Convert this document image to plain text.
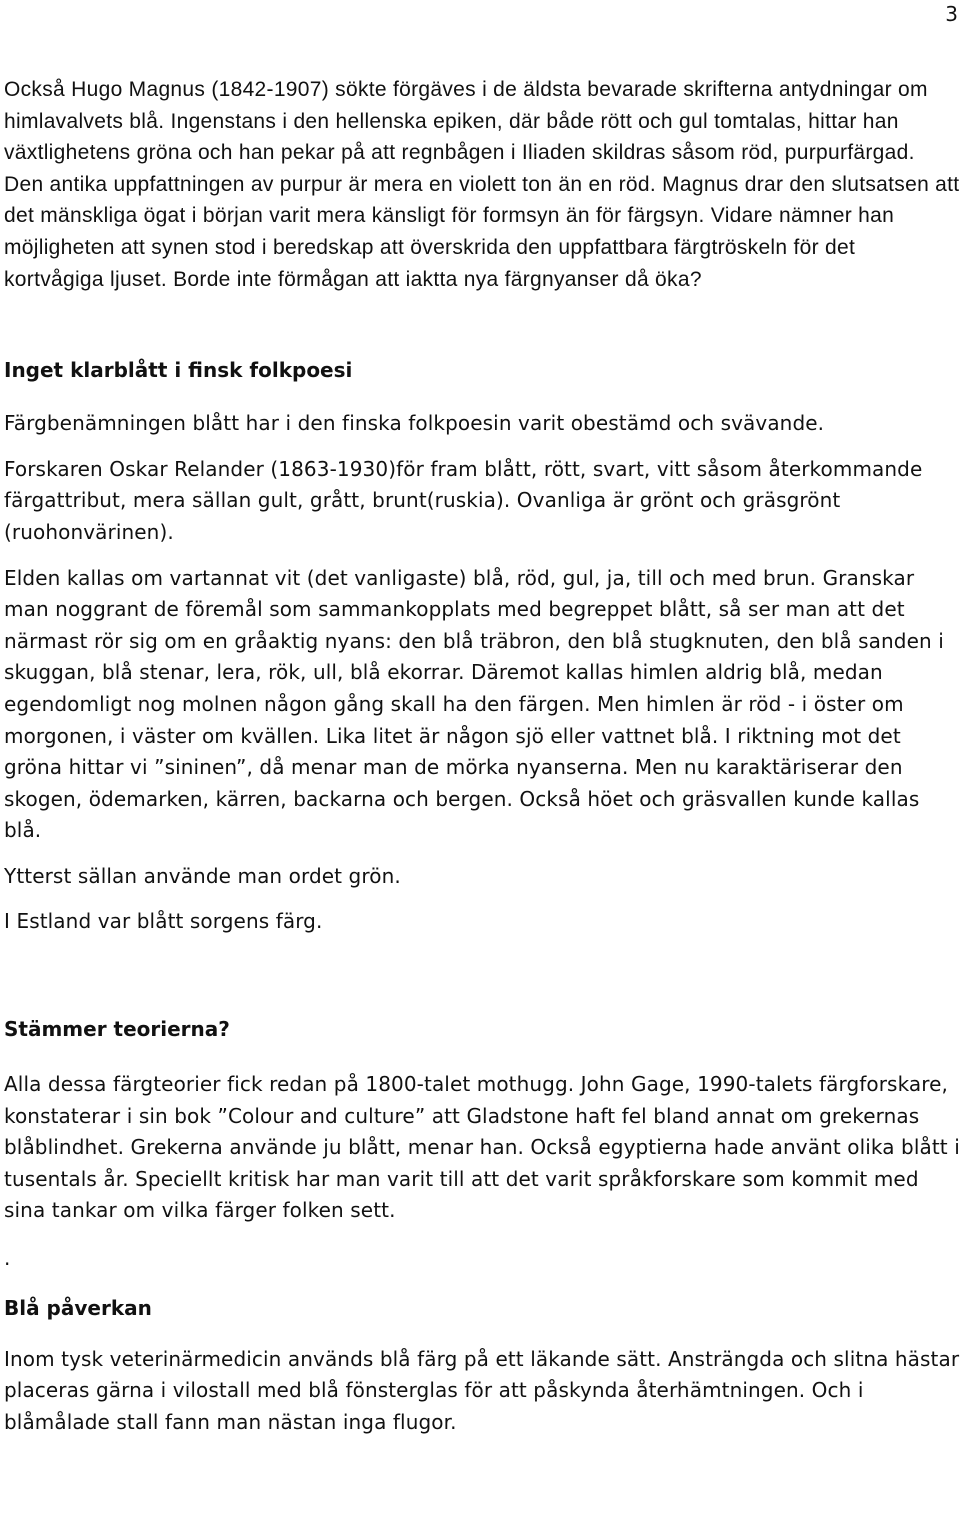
3

Också Hugo Magnus (1842-1907) sökte förgäves i de äldsta bevarade skrifterna antydningar om himlavalvets blå. Ingenstans i den hellenska epiken, där både rött och gul tomtalas, hittar han växtlighetens gröna och han pekar på att regnbågen i Iliaden skildras såsom röd, purpurfärgad. Den antika uppfattningen av purpur är mera en violett ton än en röd. Magnus drar den slutsatsen att det mänskliga ögat i början varit mera känsligt för formsyn än för färgsyn. Vidare nämner han möjligheten att synen stod i beredskap att överskrida den uppfattbara färgtröskeln för det kortvågiga ljuset. Borde inte förmågan att iaktta nya färgnyanser då öka?

Inget klarblått i finsk folkpoesi

Färgbenämningen blått har i den finska folkpoesin varit obestämd och svävande.

Forskaren Oskar Relander (1863-1930)för fram blått, rött, svart, vitt såsom återkommande färgattribut, mera sällan gult, grått, brunt(ruskia). Ovanliga är grönt och gräsgrönt (ruohonvärinen).

Elden kallas om vartannat vit (det vanligaste) blå, röd, gul, ja, till och med brun. Granskar man noggrant de föremål som sammankopplats med begreppet blått, så ser man att det närmast rör sig om en gråaktig nyans: den blå träbron, den blå stugknuten, den blå sanden i skuggan, blå stenar, lera, rök, ull, blå ekorrar. Däremot kallas himlen aldrig blå, medan egendomligt nog molnen någon gång skall ha den färgen. Men himlen är röd - i öster om morgonen, i väster om kvällen. Lika litet är någon sjö eller vattnet blå. I riktning mot det gröna hittar vi ”sininen”, då menar man de mörka nyanserna. Men nu karaktäriserar den skogen, ödemarken, kärren, backarna och bergen. Också höet och gräsvallen kunde kallas blå.

Ytterst sällan använde man ordet grön.

I Estland var blått sorgens färg.

Stämmer teorierna?

Alla dessa färgteorier fick redan på 1800-talet mothugg. John Gage, 1990-talets färgforskare, konstaterar i sin bok ”Colour and culture” att Gladstone haft fel bland annat om grekernas blåblindhet. Grekerna använde ju blått, menar han. Också egyptierna hade använt olika blått i tusentals år. Speciellt kritisk har man varit till att det varit språkforskare som kommit med sina tankar om vilka färger folken sett.

.

Blå påverkan

Inom tysk veterinärmedicin används blå färg på ett läkande sätt. Ansträngda och slitna hästar placeras gärna i vilostall med blå fönsterglas för att påskynda återhämtningen. Och i blåmålade stall fann man nästan inga flugor.
